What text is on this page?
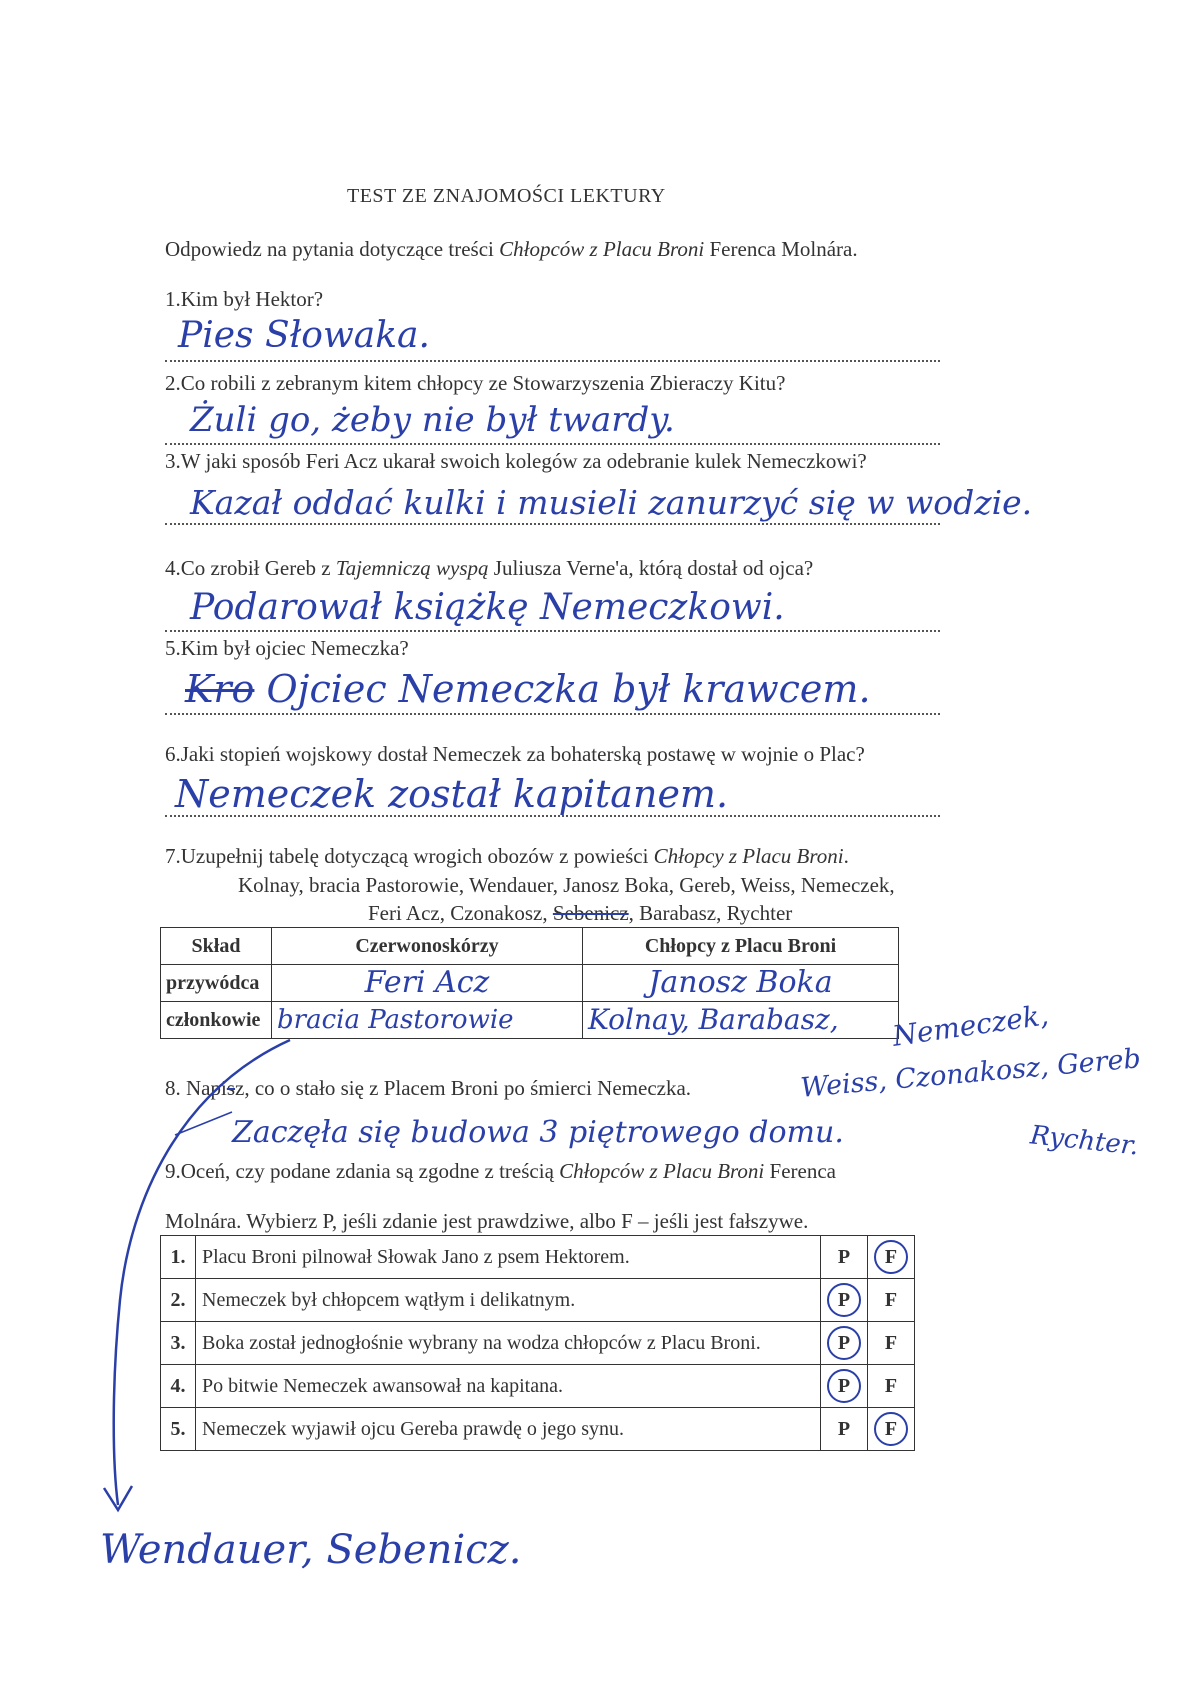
TEST ZE ZNAJOMOŚCI LEKTURY
Odpowiedz na pytania dotyczące treści Chłopców z Placu Broni Ferenca Molnára.
1.Kim był Hektor?
Pies Słowaka.
2.Co robili z zebranym kitem chłopcy ze Stowarzyszenia Zbieraczy Kitu?
Żuli go, żeby nie był twardy.
3.W jaki sposób Feri Acz ukarał swoich kolegów za odebranie kulek Nemeczkowi?
Kazał oddać kulki i musieli zanurzyć się w wodzie.
4.Co zrobił Gereb z Tajemniczą wyspą Juliusza Verne'a, którą dostał od ojca?
Podarował książkę Nemeczkowi.
5.Kim był ojciec Nemeczka?
Kro Ojciec Nemeczka był krawcem.
6.Jaki stopień wojskowy dostał Nemeczek za bohaterską postawę w wojnie o Plac?
Nemeczek został kapitanem.
7.Uzupełnij tabelę dotyczącą wrogich obozów z powieści Chłopcy z Placu Broni.
Kolnay, bracia Pastorowie, Wendauer, Janosz Boka, Gereb, Weiss, Nemeczek,
Feri Acz, Czonakosz, Sebenicz, Barabasz, Rychter
Skład	Czerwonoskórzy	Chłopcy z Placu Broni
przywódca	Feri Acz	Janosz Boka
członkowie	bracia Pastorowie	Kolnay, Barabasz, Nemeczek,
Weiss, Czonakosz, Gereb
Rychter.
8. Napisz, co o stało się z Placem Broni po śmierci Nemeczka.
Zaczęła się budowa 3 piętrowego domu.
9.Oceń, czy podane zdania są zgodne z treścią Chłopców z Placu Broni Ferenca
Molnára. Wybierz P, jeśli zdanie jest prawdziwe, albo F – jeśli jest fałszywe.
1.	Placu Broni pilnował Słowak Jano z psem Hektorem.	P	F
2.	Nemeczek był chłopcem wątłym i delikatnym.	P	F
3.	Boka został jednogłośnie wybrany na wodza chłopców z Placu Broni.	P	F
4.	Po bitwie Nemeczek awansował na kapitana.	P	F
5.	Nemeczek wyjawił ojcu Gereba prawdę o jego synu.	P	F
Wendauer, Sebenicz.
